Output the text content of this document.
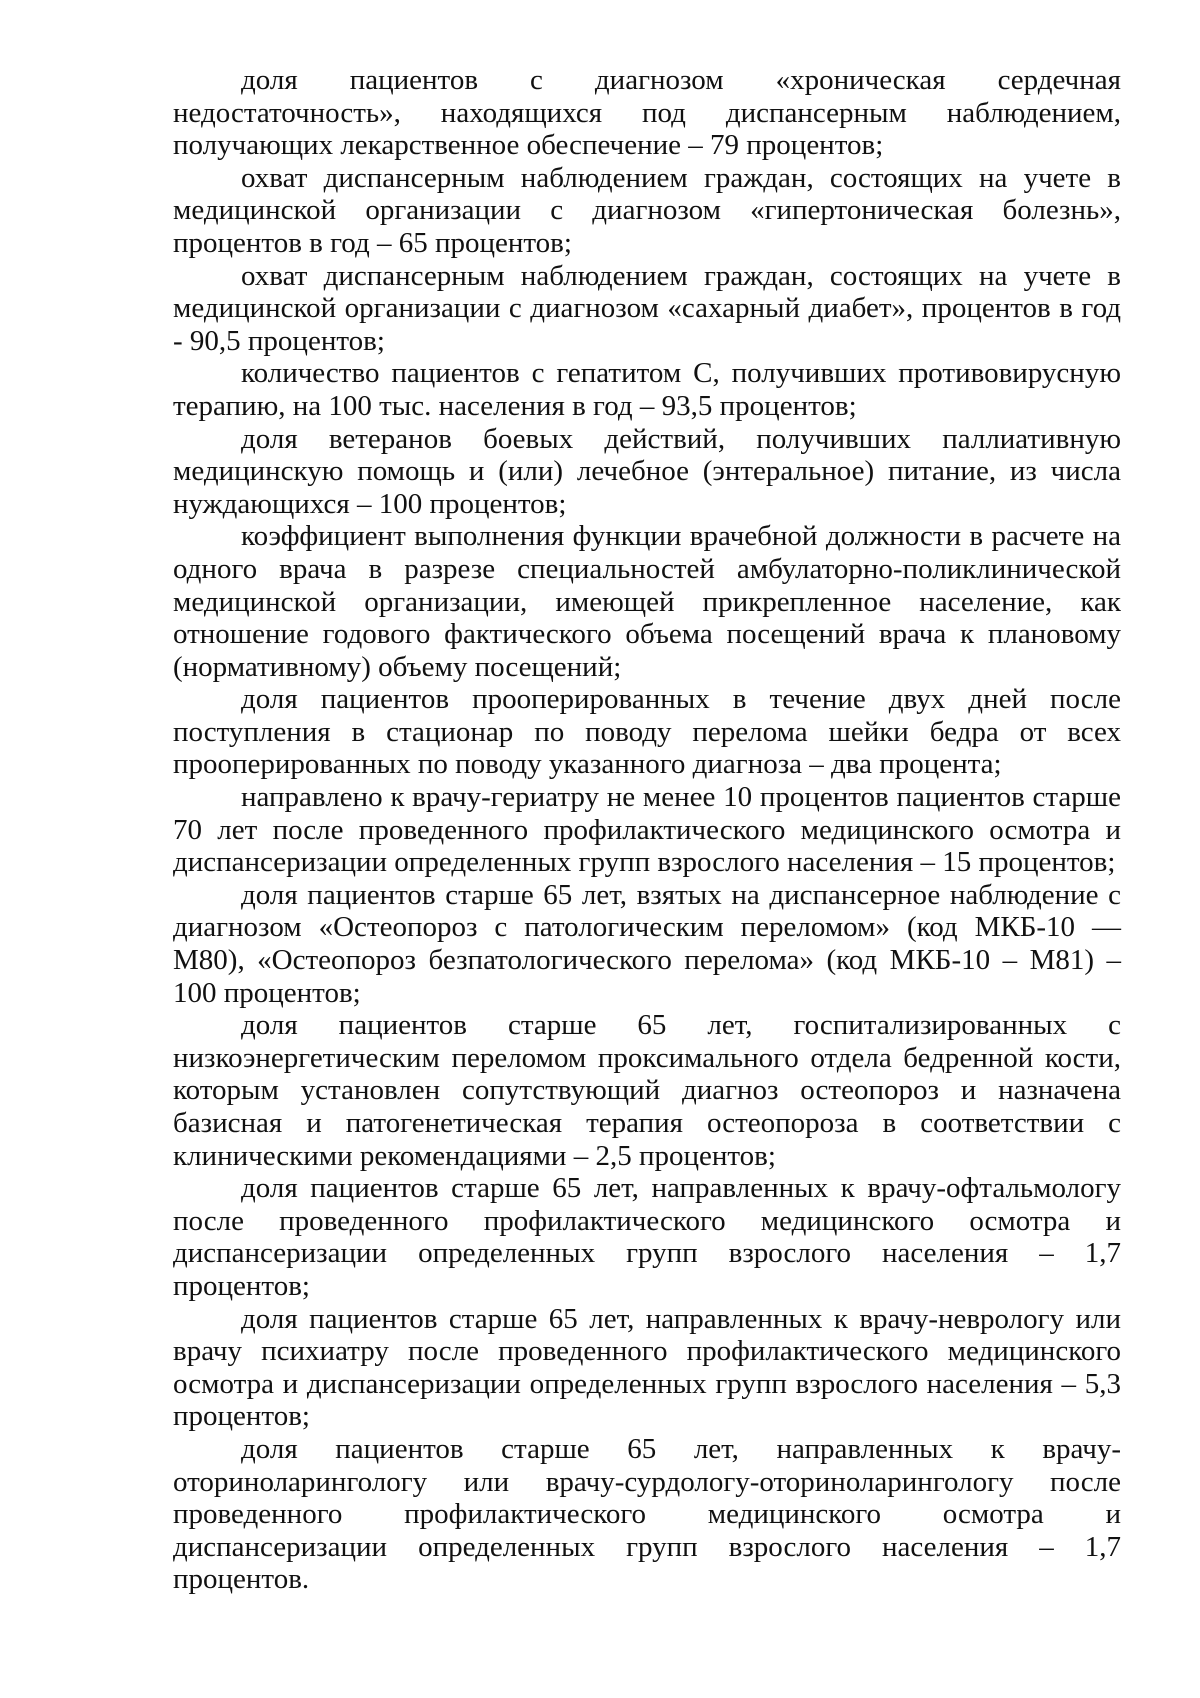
доля пациентов с диагнозом «хроническая сердечная недостаточность», находящихся под диспансерным наблюдением, получающих лекарственное обеспечение – 79 процентов;

охват диспансерным наблюдением граждан, состоящих на учете в медицинской организации с диагнозом «гипертоническая болезнь», процентов в год – 65 процентов;

охват диспансерным наблюдением граждан, состоящих на учете в медицинской организации с диагнозом «сахарный диабет», процентов в год - 90,5 процентов;

количество пациентов с гепатитом С, получивших противовирусную терапию, на 100 тыс. населения в год – 93,5 процентов;

доля ветеранов боевых действий, получивших паллиативную медицинскую помощь и (или) лечебное (энтеральное) питание, из числа нуждающихся – 100 процентов;

коэффициент выполнения функции врачебной должности в расчете на одного врача в разрезе специальностей амбулаторно-поликлинической медицинской организации, имеющей прикрепленное население, как отношение годового фактического объема посещений врача к плановому (нормативному) объему посещений;

доля пациентов прооперированных в течение двух дней после поступления в стационар по поводу перелома шейки бедра от всех прооперированных по поводу указанного диагноза – два процента;

направлено к врачу-гериатру не менее 10 процентов пациентов старше 70 лет после проведенного профилактического медицинского осмотра и диспансеризации определенных групп взрослого населения – 15 процентов;

доля пациентов старше 65 лет, взятых на диспансерное наблюдение с диагнозом «Остеопороз с патологическим переломом» (код МКБ-10 — М80), «Остеопороз безпатологического перелома» (код МКБ-10 – М81) – 100 процентов;

доля пациентов старше 65 лет, госпитализированных с низкоэнергетическим переломом проксимального отдела бедренной кости, которым установлен сопутствующий диагноз остеопороз и назначена базисная и патогенетическая терапия остеопороза в соответствии с клиническими рекомендациями – 2,5 процентов;

доля пациентов старше 65 лет, направленных к врачу-офтальмологу после проведенного профилактического медицинского осмотра и диспансеризации определенных групп взрослого населения – 1,7 процентов;

доля пациентов старше 65 лет, направленных к врачу-неврологу или врачу психиатру после проведенного профилактического медицинского осмотра и диспансеризации определенных групп взрослого населения – 5,3 процентов;

доля пациентов старше 65 лет, направленных к врачу-оториноларингологу или врачу-сурдологу-оториноларингологу после проведенного профилактического медицинского осмотра и диспансеризации определенных групп взрослого населения – 1,7 процентов.
